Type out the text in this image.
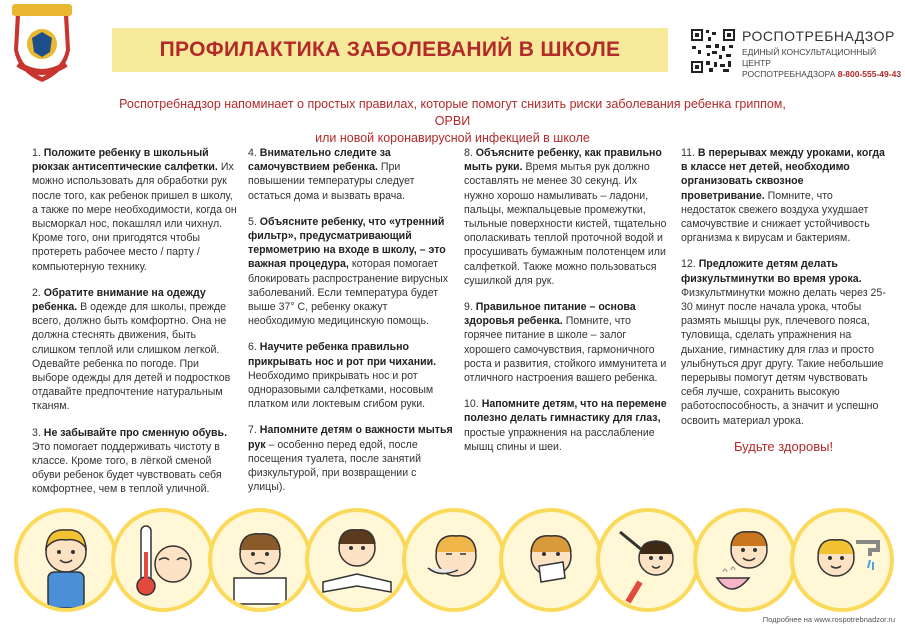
ПРОФИЛАКТИКА ЗАБОЛЕВАНИЙ В ШКОЛЕ
РОСПОТРЕБНАДЗОР
ЕДИНЫЙ КОНСУЛЬТАЦИОННЫЙ ЦЕНТР
РОСПОТРЕБНАДЗОРА 8-800-555-49-43
Роспотребнадзор напоминает о простых правилах, которые помогут снизить риски заболевания ребенка гриппом, ОРВИ
или новой коронавирусной инфекцией в школе

1. Положите ребенку в школьный рюкзак антисептические салфетки. Их можно использовать для обработки рук после того, как ребенок пришел в школу, а также по мере необходимости, когда он высморкал нос, покашлял или чихнул. Кроме того, они пригодятся чтобы протереть рабочее место / парту / компьютерную технику.

2. Обратите внимание на одежду ребенка. В одежде для школы, прежде всего, должно быть комфортно. Она не должна стеснять движения, быть слишком теплой или слишком легкой. Одевайте ребенка по погоде. При выборе одежды для детей и подростков отдавайте предпочтение натуральным тканям.

3. Не забывайте про сменную обувь. Это помогает поддерживать чистоту в классе. Кроме того, в лёгкой сменой обуви ребенок будет чувствовать себя комфортнее, чем в теплой уличной.

4. Внимательно следите за самочувствием ребенка. При повышении температуры следует остаться дома и вызвать врача.

5. Объясните ребенку, что «утренний фильтр», предусматривающий термометрию на входе в школу, – это важная процедура, которая помогает блокировать распространение вирусных заболеваний. Если температура будет выше 37° С, ребенку окажут необходимую медицинскую помощь.

6. Научите ребенка правильно прикрывать нос и рот при чихании. Необходимо прикрывать нос и рот одноразовыми салфетками, носовым платком или локтевым сгибом руки.

7. Напомните детям о важности мытья рук – особенно перед едой, после посещения туалета, после занятий физкультурой, при возвращении с улицы).

8. Объясните ребенку, как правильно мыть руки. Время мытья рук должно составлять не менее 30 секунд. Их нужно хорошо намыливать – ладони, пальцы, межпальцевые промежутки, тыльные поверхности кистей, тщательно ополаскивать теплой проточной водой и просушивать бумажным полотенцем или салфеткой. Также можно пользоваться сушилкой для рук.

9. Правильное питание – основа здоровья ребенка. Помните, что горячее питание в школе – залог хорошего самочувствия, гармоничного роста и развития, стойкого иммунитета и отличного настроения вашего ребенка.

10. Напомните детям, что на перемене полезно делать гимнастику для глаз, простые упражнения на расслабление мышц спины и шеи.

11. В перерывах между уроками, когда в классе нет детей, необходимо организовать сквозное проветривание. Помните, что недостаток свежего воздуха ухудшает самочувствие и снижает устойчивость организма к вирусам и бактериям.

12. Предложите детям делать физкультминутки во время урока. Физкультминутки можно делать через 25-30 минут после начала урока, чтобы размять мышцы рук, плечевого пояса, туловища, сделать упражнения на дыхание, гимнастику для глаз и просто улыбнуться друг другу. Такие небольшие перерывы помогут детям чувствовать себя лучше, сохранить высокую работоспособность, а значит и успешно освоить материал урока.

Будьте здоровы!

Подробнее на www.rospotrebnadzor.ru
